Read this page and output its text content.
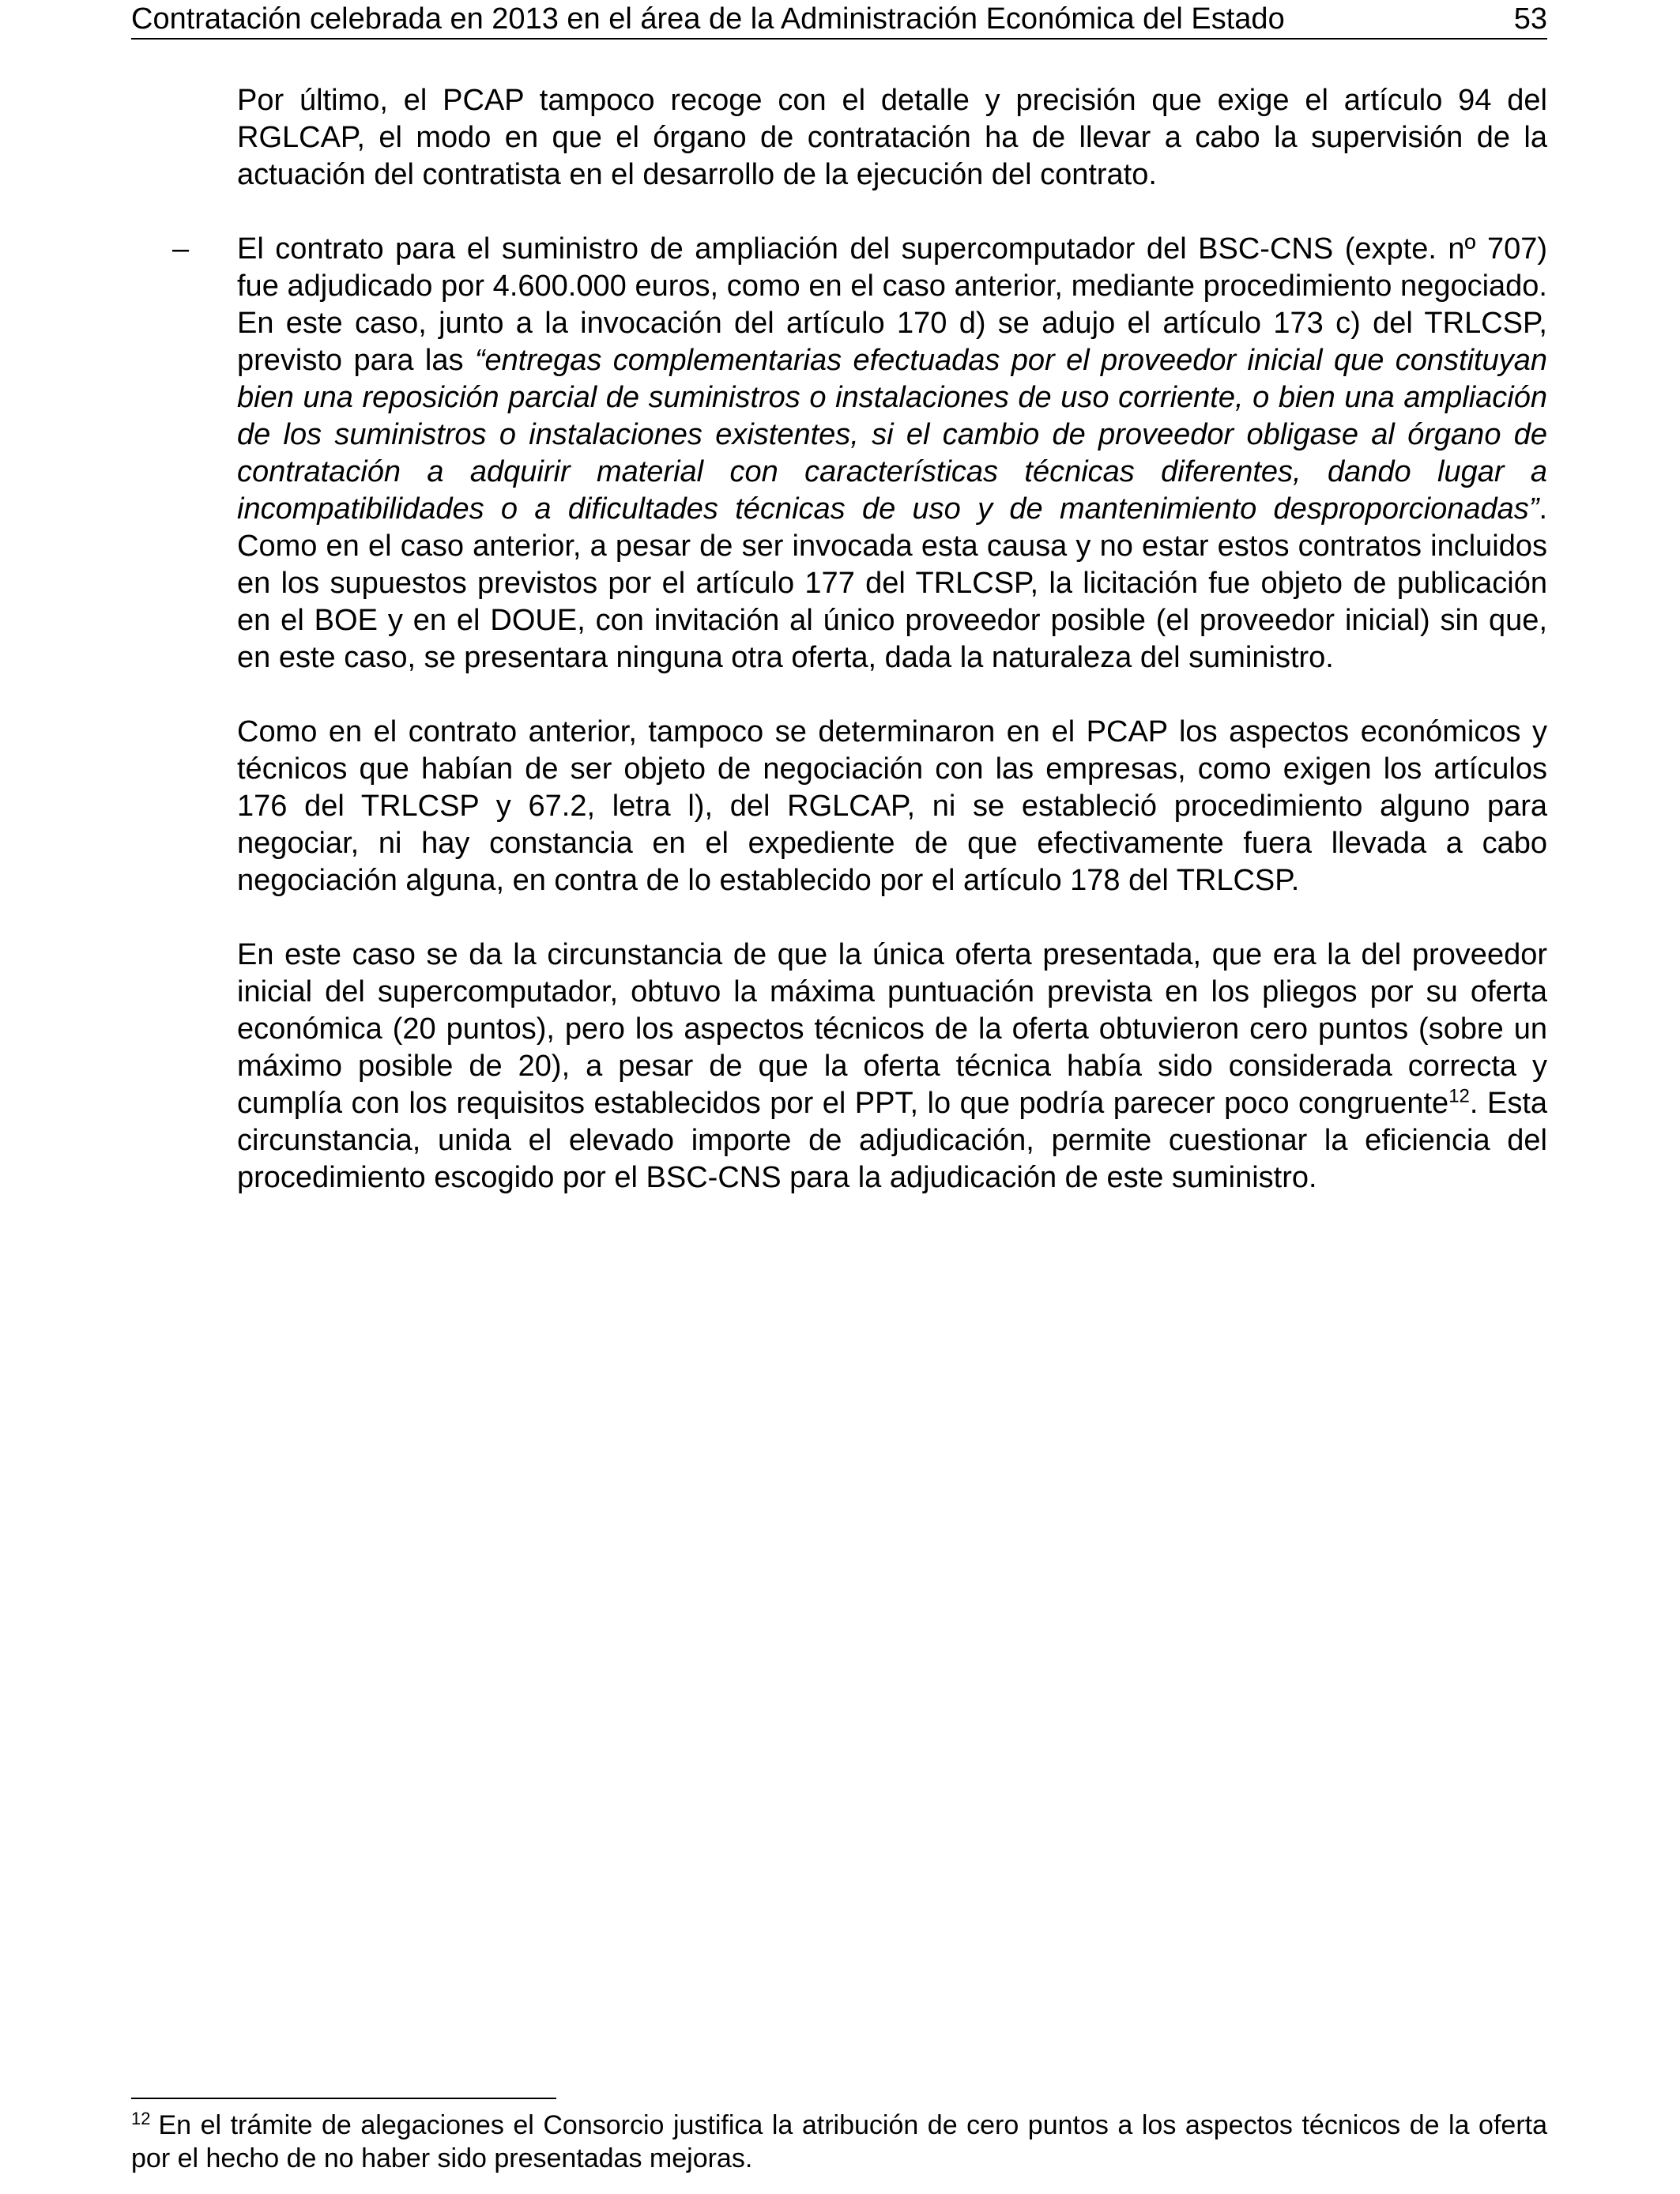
Contratación celebrada en 2013 en el área de la Administración Económica del Estado	53

Por último, el PCAP tampoco recoge con el detalle y precisión que exige el artículo 94 del RGLCAP, el modo en que el órgano de contratación ha de llevar a cabo la supervisión de la actuación del contratista en el desarrollo de la ejecución del contrato.

– El contrato para el suministro de ampliación del supercomputador del BSC-CNS (expte. nº 707) fue adjudicado por 4.600.000 euros, como en el caso anterior, mediante procedimiento negociado. En este caso, junto a la invocación del artículo 170 d) se adujo el artículo 173 c) del TRLCSP, previsto para las “entregas complementarias efectuadas por el proveedor inicial que constituyan bien una reposición parcial de suministros o instalaciones de uso corriente, o bien una ampliación de los suministros o instalaciones existentes, si el cambio de proveedor obligase al órgano de contratación a adquirir material con características técnicas diferentes, dando lugar a incompatibilidades o a dificultades técnicas de uso y de mantenimiento desproporcionadas”. Como en el caso anterior, a pesar de ser invocada esta causa y no estar estos contratos incluidos en los supuestos previstos por el artículo 177 del TRLCSP, la licitación fue objeto de publicación en el BOE y en el DOUE, con invitación al único proveedor posible (el proveedor inicial) sin que, en este caso, se presentara ninguna otra oferta, dada la naturaleza del suministro.

Como en el contrato anterior, tampoco se determinaron en el PCAP los aspectos económicos y técnicos que habían de ser objeto de negociación con las empresas, como exigen los artículos 176 del TRLCSP y 67.2, letra l), del RGLCAP, ni se estableció procedimiento alguno para negociar, ni hay constancia en el expediente de que efectivamente fuera llevada a cabo negociación alguna, en contra de lo establecido por el artículo 178 del TRLCSP.

En este caso se da la circunstancia de que la única oferta presentada, que era la del proveedor inicial del supercomputador, obtuvo la máxima puntuación prevista en los pliegos por su oferta económica (20 puntos), pero los aspectos técnicos de la oferta obtuvieron cero puntos (sobre un máximo posible de 20), a pesar de que la oferta técnica había sido considerada correcta y cumplía con los requisitos establecidos por el PPT, lo que podría parecer poco congruente$^{12}$. Esta circunstancia, unida el elevado importe de adjudicación, permite cuestionar la eficiencia del procedimiento escogido por el BSC-CNS para la adjudicación de este suministro.

$^{12}$ En el trámite de alegaciones el Consorcio justifica la atribución de cero puntos a los aspectos técnicos de la oferta por el hecho de no haber sido presentadas mejoras.
